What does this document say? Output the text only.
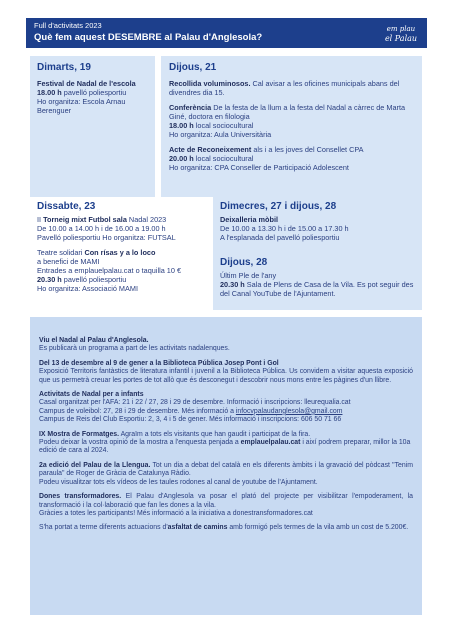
Full d'activitats 2023
Què fem aquest DESEMBRE al Palau d'Anglesola?
em plau
el Palau
Dimarts, 19

Festival de Nadal de l'escola

18.00 h pavelló poliesportiu

Ho organitza: Escola Arnau Berenguer

Dijous, 21

Recollida voluminosos. Cal avisar a les oficines municipals abans del divendres dia 15.

Conferència De la festa de la llum a la festa del Nadal a càrrec de Marta Giné, doctora en filologia

18.00 h local sociocultural

Ho organitza: Aula Universitària

Acte de Reconeixement als i a les joves del Consellet CPA

20.00 h local sociocultural

Ho organitza: CPA Conseller de Participació Adolescent

Dissabte, 23

II Torneig mixt Futbol sala Nadal 2023

De 10.00 a 14.00 h i de 16.00 a 19.00 h

Pavelló poliesportiu Ho organitza: FUTSAL

Teatre solidari Con rísas y a lo loco

a benefici de MAMI

Entrades a emplauelpalau.cat o taquilla 10 €

20.30 h pavelló poliesportiu

Ho organitza: Associació MAMI

Dimecres, 27 i dijous, 28

Deixalleria mòbil

De 10.00 a 13.30 h i de 15.00 a 17.30 h

A l'esplanada del pavelló poliesportiu

Dijous, 28

Últim Ple de l'any

20.30 h Sala de Plens de Casa de la Vila. Es pot seguir des del Canal YouTube de l'Ajuntament.

Viu el Nadal al Palau d'Anglesola.

Es publicarà un programa a part de les activitats nadalenques.

Del 13 de desembre al 9 de gener a la Biblioteca Pública Josep Pont i Gol

Exposició Territoris fantàstics de literatura infantil i juvenil a la Biblioteca Pública. Us convidem a visitar aquesta exposició que us permetrà creuar les portes de tot allò que és desconegut i descobrir nous mons entre les pàgines d'un llibre.

Activitats de Nadal per a infants

Casal organitzat per l'AFA: 21 i 22 / 27, 28 i 29 de desembre. Informació i inscripcions: lleurequalia.cat

Campus de voleibol: 27, 28 i 29 de desembre. Més informació a infocvpalaudanglesola@gmail.com

Campus de Reis del Club Esportiu: 2, 3, 4 i 5 de gener. Més informació i inscripcions: 606 50 71 66

IX Mostra de Formatges. Agraïm a tots els visitants que han gaudit i participat de la fira.

Podeu deixar la vostra opinió de la mostra a l'enquesta penjada a emplauelpalau.cat i així podrem preparar, millor la 10a edició de cara al 2024.

2a edició del Palau de la Llengua. Tot un dia a debat del català en els diferents àmbits i la gravació del pòdcast "Tenim paraula" de Roger de Gràcia de Catalunya Ràdio.

Podeu visualitzar tots els vídeos de les taules rodones al canal de youtube de l'Ajuntament.

Dones transformadores. El Palau d'Anglesola va posar el plató del projecte per visibilitzar l'empoderament, la transformació i la col·laboració que fan les dones a la vila.

Gràcies a totes les participants! Més informació a la iniciativa a donestransformadores.cat

S'ha portat a terme diferents actuacions d'asfaltat de camins amb formigó pels termes de la vila amb un cost de 5.200€.
